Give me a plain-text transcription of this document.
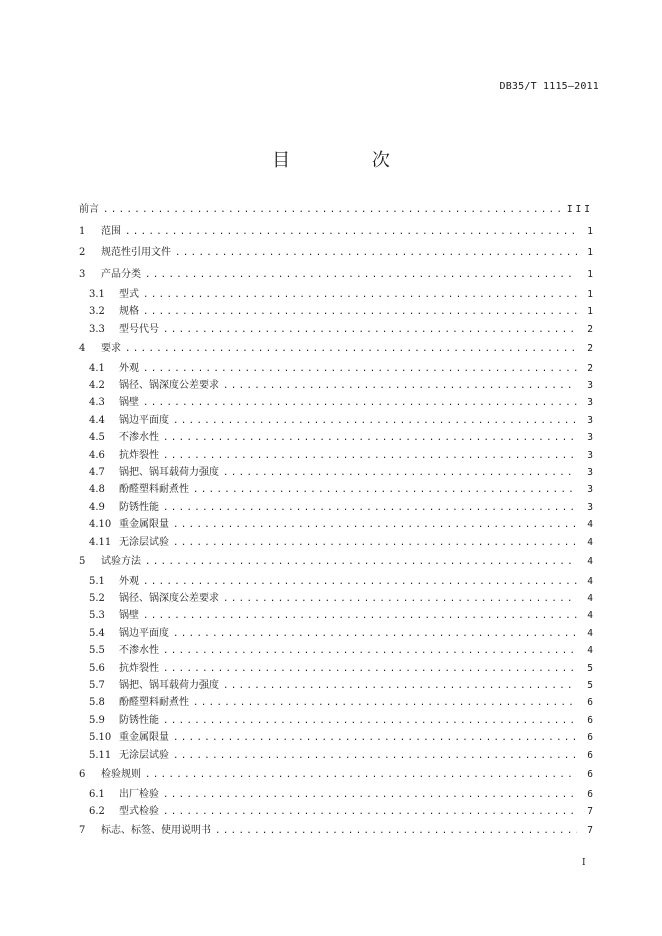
DB35/T 1115—2011
目 次
前言 .....	III
1	范围 .....	1
2	规范性引用文件 .....	1
3	产品分类 .....	1
3.1	型式 .....	1
3.2	规格 .....	1
3.3	型号代号 .....	2
4	要求 .....	2
4.1	外观 .....	2
4.2	锅径、锅深度公差要求 .....	3
4.3	锅壁 .....	3
4.4	锅边平面度 .....	3
4.5	不渗水性 .....	3
4.6	抗炸裂性 .....	3
4.7	锅把、锅耳载荷力强度 .....	3
4.8	酚醛塑料耐煮性 .....	3
4.9	防锈性能 .....	3
4.10 重金属限量 .....	4
4.11 无涂层试验 .....	4
5	试验方法 .....	4
5.1	外观 .....	4
5.2	锅径、锅深度公差要求 .....	4
5.3	锅壁 .....	4
5.4	锅边平面度 .....	4
5.5	不渗水性 .....	4
5.6	抗炸裂性 .....	5
5.7	锅把、锅耳载荷力强度 .....	5
5.8	酚醛塑料耐煮性 .....	6
5.9	防锈性能 .....	6
5.10 重金属限量 .....	6
5.11 无涂层试验 .....	6
6	检验规则 .....	6
6.1	出厂检验 .....	6
6.2	型式检验 .....	7
7	标志、标签、使用说明书 .....	7
I
